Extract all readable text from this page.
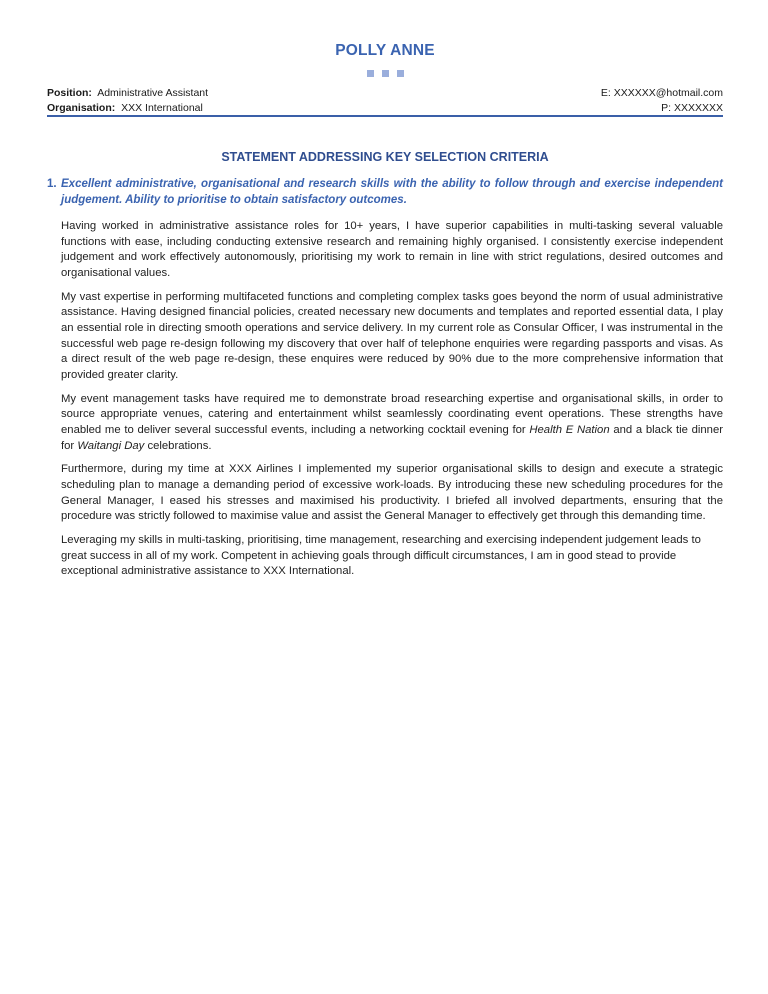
POLLY ANNE
Position: Administrative Assistant
Organisation: XXX International
E: XXXXXX@hotmail.com
P: XXXXXXX
STATEMENT ADDRESSING KEY SELECTION CRITERIA
1. Excellent administrative, organisational and research skills with the ability to follow through and exercise independent judgement. Ability to prioritise to obtain satisfactory outcomes.

Having worked in administrative assistance roles for 10+ years, I have superior capabilities in multi-tasking several valuable functions with ease, including conducting extensive research and remaining highly organised. I consistently exercise independent judgement and work effectively autonomously, prioritising my work to remain in line with strict regulations, desired outcomes and organisational values.

My vast expertise in performing multifaceted functions and completing complex tasks goes beyond the norm of usual administrative assistance. Having designed financial policies, created necessary new documents and templates and reported essential data, I play an essential role in directing smooth operations and service delivery. In my current role as Consular Officer, I was instrumental in the successful web page re-design following my discovery that over half of telephone enquiries were regarding passports and visas. As a direct result of the web page re-design, these enquires were reduced by 90% due to the more comprehensive information that provided greater clarity.

My event management tasks have required me to demonstrate broad researching expertise and organisational skills, in order to source appropriate venues, catering and entertainment whilst seamlessly coordinating event operations. These strengths have enabled me to deliver several successful events, including a networking cocktail evening for Health E Nation and a black tie dinner for Waitangi Day celebrations.

Furthermore, during my time at XXX Airlines I implemented my superior organisational skills to design and execute a strategic scheduling plan to manage a demanding period of excessive work-loads. By introducing these new scheduling procedures for the General Manager, I eased his stresses and maximised his productivity. I briefed all involved departments, ensuring that the procedure was strictly followed to maximise value and assist the General Manager to effectively get through this demanding time.

Leveraging my skills in multi-tasking, prioritising, time management, researching and exercising independent judgement leads to great success in all of my work. Competent in achieving goals through difficult circumstances, I am in good stead to provide exceptional administrative assistance to XXX International.
